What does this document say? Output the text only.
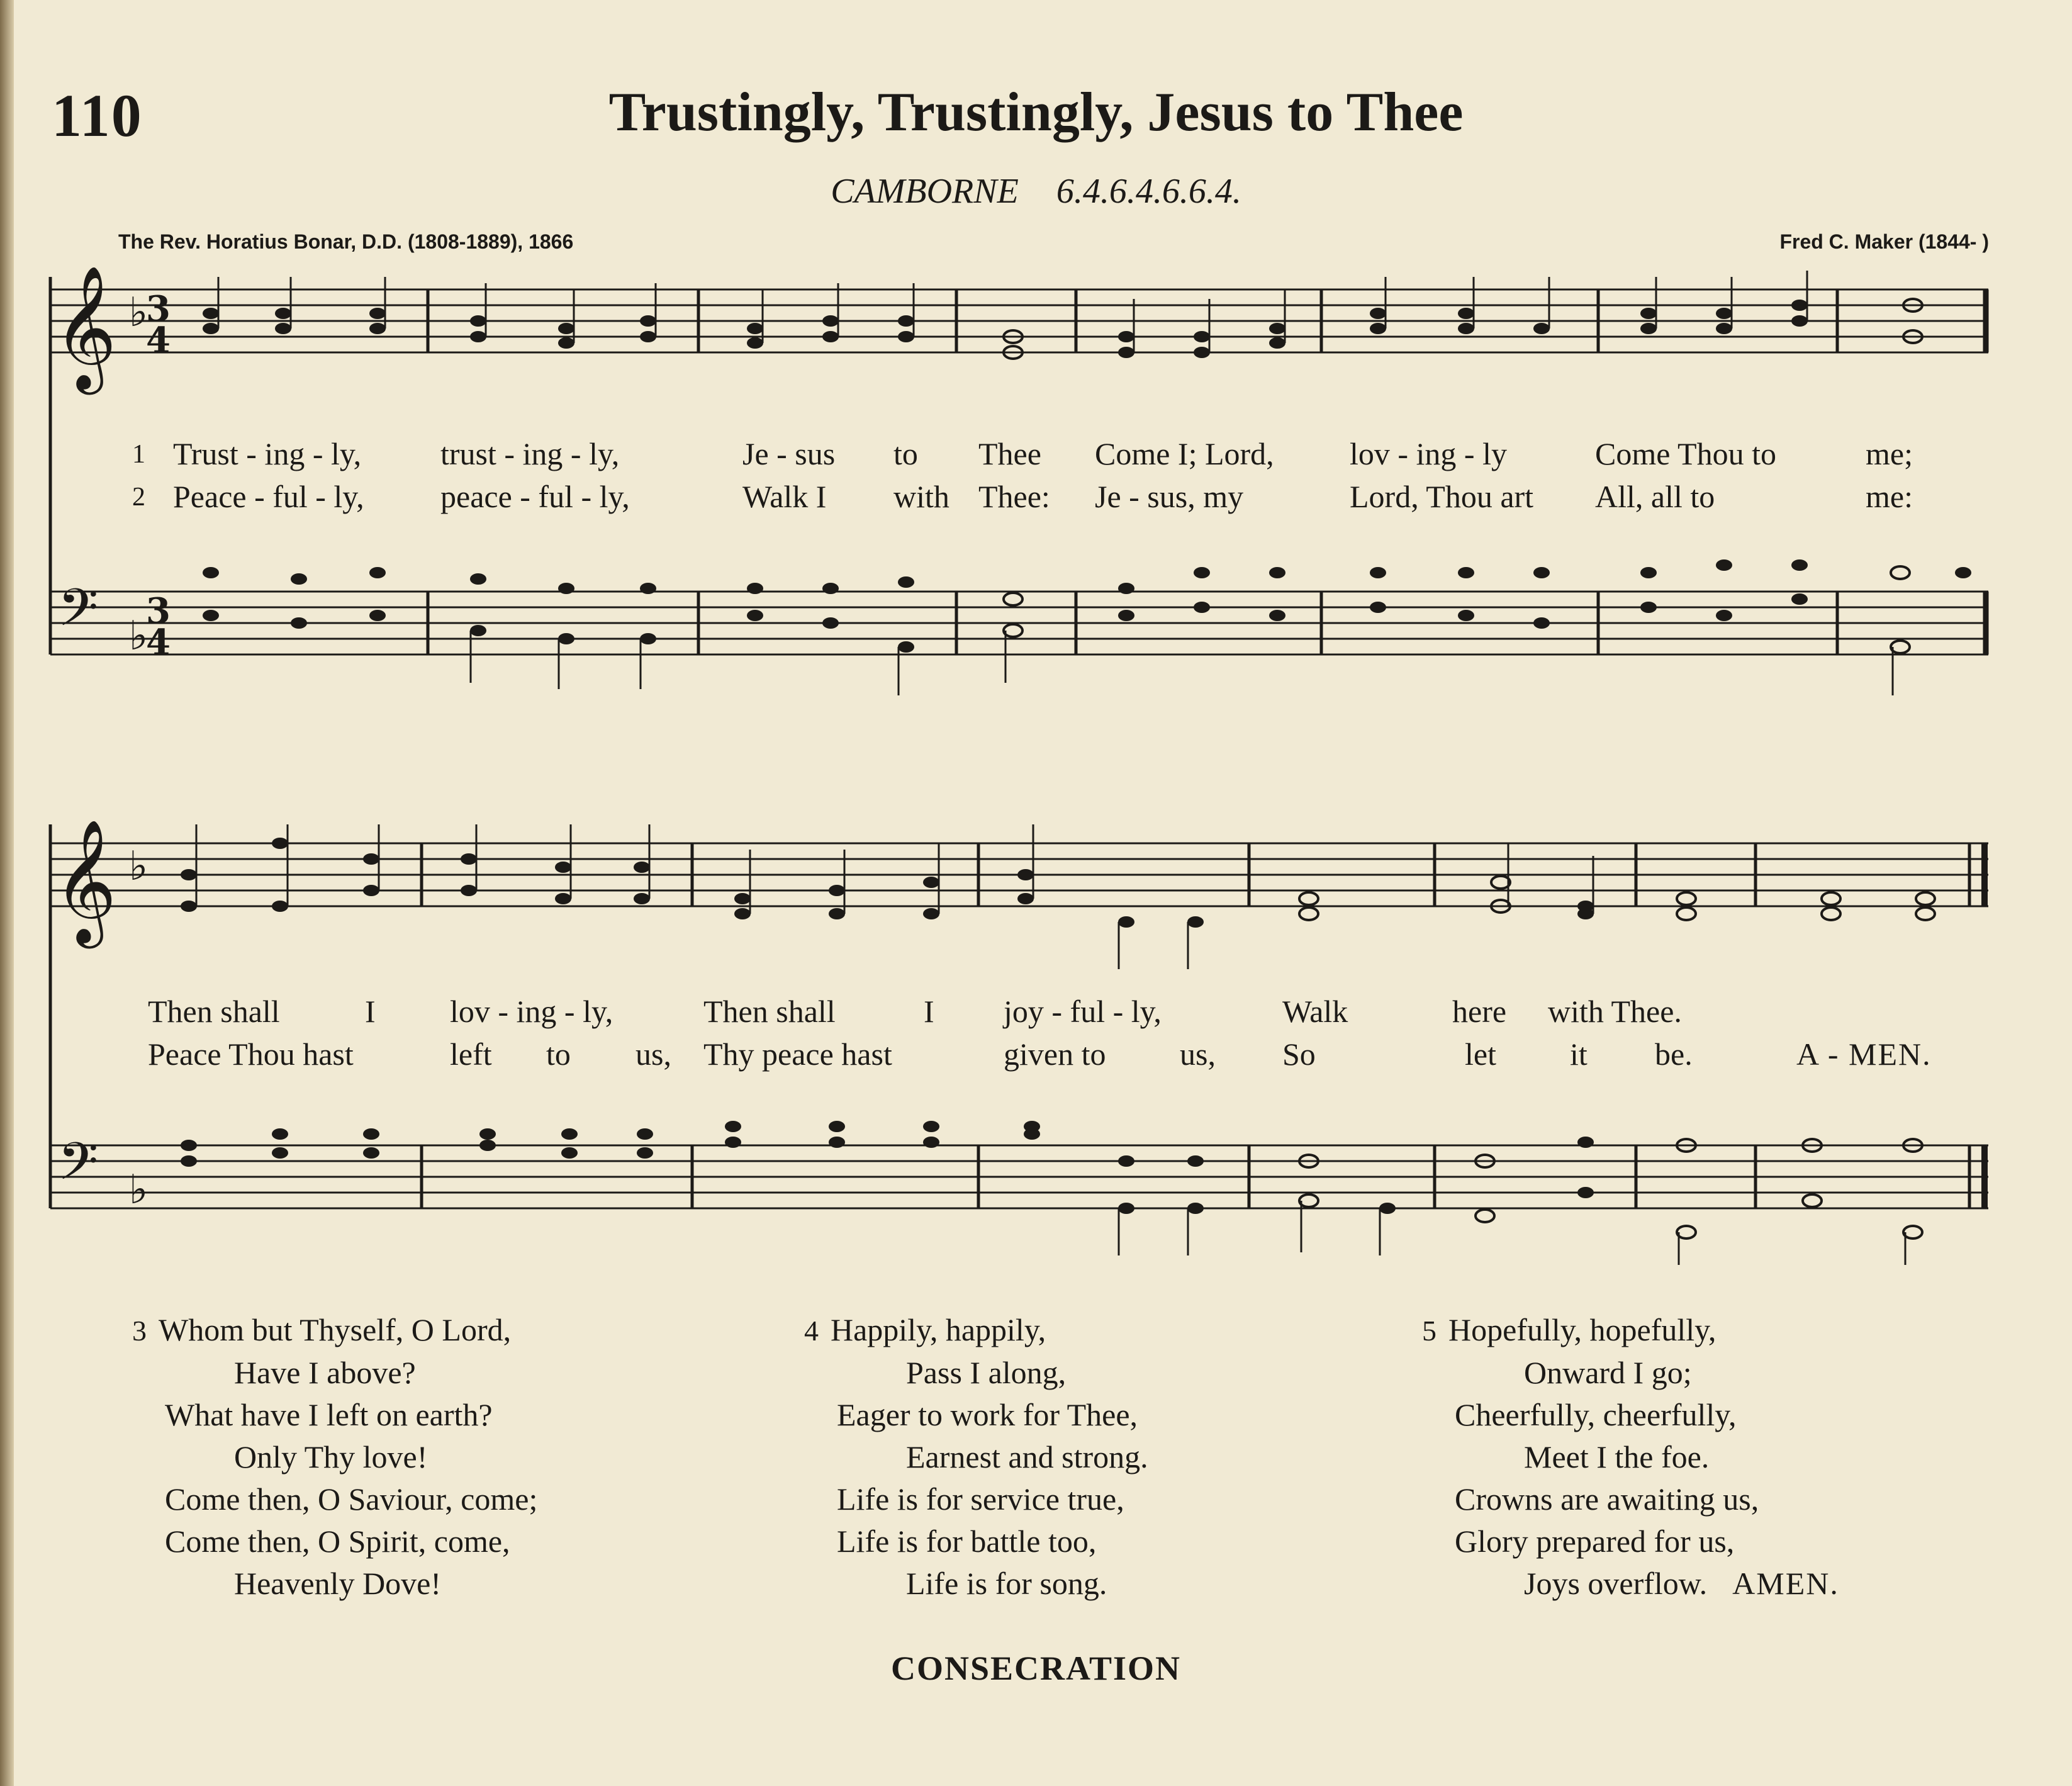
110	Trustingly, Trustingly, Jesus to Thee
CAMBORNE 6.4.6.4.6.6.4.
The Rev. Horatius Bonar, D.D. (1808-1889), 1866	Fred C. Maker (1844- )
𝄞 ♭
3
4
1 Trust - ing - ly,	trust - ing - ly,	Je - sus to Thee Come I; Lord, lov - ing - ly	Come Thou to	me;
2 Peace - ful - ly, peace - ful - ly,	Walk I with Thee: Je - sus, my	Lord, Thou art All, all to	me:
𝄢 ♭
3
4
𝄞 ♭
Then shall	I lov - ing - ly,	Then shall	I joy - ful - ly,	Walk	here with Thee.
Peace Thou hast	left to us, Thy peace hast	given to us, So	let it be.	A - MEN.
𝄢 ♭
3 Whom but Thyself, O Lord,
Have I above?
What have I left on earth?
Only Thy love!
Come then, O Saviour, come;
Come then, O Spirit, come,
Heavenly Dove!
4 Happily, happily,
Pass I along,
Eager to work for Thee,
Earnest and strong.
Life is for service true,
Life is for battle too,
Life is for song.
5 Hopefully, hopefully,
Onward I go;
Cheerfully, cheerfully,
Meet I the foe.
Crowns are awaiting us,
Glory prepared for us,
Joys overflow. AMEN.
CONSECRATION
